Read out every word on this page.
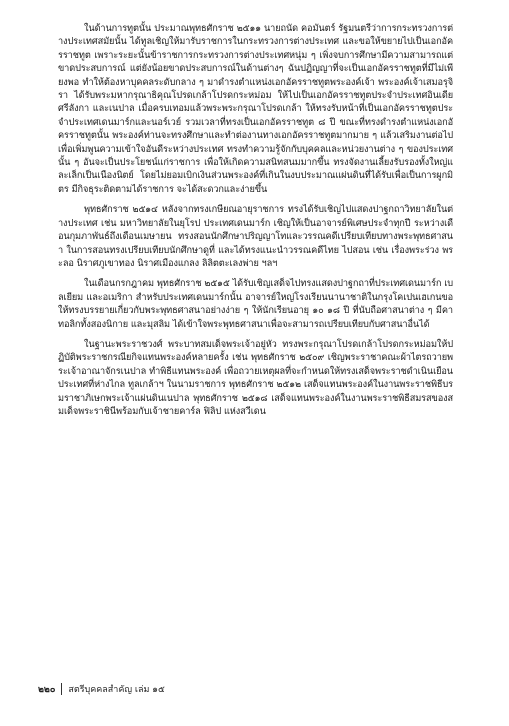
ในด้านการทูตนั้น ประมาณพุทธศักราช ๒๕๑๑ นายถนัด คอมันตร์ รัฐมนตรีว่าการกระทรวงการต่างประเทศสมัยนั้น ได้ทูลเชิญให้มารับราชการในกระทรวงการต่างประเทศ และขอให้ขยายไปเป็นเอกอัครราชทูต เพราะระยะนั้นข้าราชการกระทรวงการต่างประเทศหนุ่ม ๆ เพิ่งจบการศึกษามีความสามารถแต่ขาดประสบการณ์ แต่ยังน้อยขาดประสบการณ์ในด้านต่างๆ ฉันปฏิญญาที่จะเป็นเอกอัครราชทูตที่มีไม่เพียงพอ ทำให้ต้องหาบุคคลระดับกลาง ๆ มาดำรงตำแหน่งเอกอัครราชทูตพระองค์เจ้า พระองค์เจ้าเสมอรุจิรา ได้รับพระมหากรุณาธิคุณโปรดเกล้าโปรดกระหม่อม ให้ไปเป็นเอกอัครราชทูตประจำประเทศอินเดีย ศรีลังกา และเนปาล เมื่อครบเทอมแล้วพระพระกรุณาโปรดเกล้า ให้ทรงรับหน้าที่เป็นเอกอัครราชทูตประจำประเทศเดนมาร์กและนอร์เวย์ รวมเวลาที่ทรงเป็นเอกอัครราชทูต ๘ ปี ขณะที่ทรงดำรงตำแหน่งเอกอัครราชทูตนั้น พระองค์ท่านจะทรงศึกษาและทำต่องานทางเอกอัครราชทูตมากมาย ๆ แล้วเสริมงานต่อไปเพื่อเพิ่มพูนความเข้าใจอันดีระหว่างประเทศ ทรงทำความรู้จักกับบุคคลและหน่วยงานต่าง ๆ ของประเทศนั้น ๆ อันจะเป็นประโยชน์แก่ราชการ เพื่อให้เกิดความสนิทสนมมากขึ้น ทรงจัดงานเลี้ยงรับรองทั้งใหญ่และเล็กเป็นเนืองนิตย์ โดยไม่ยอมเบิกเงินส่วนพระองค์ที่เกินในงบประมาณแผ่นดินที่ได้รับเพื่อเป็นการผูกมิตร มีกิจธุระติดตามได้ราชการ จะได้สะดวกและง่ายขึ้น

พุทธศักราช ๒๕๑๔ หลังจากทรงเกษียณอายุราชการ ทรงได้รับเชิญไปแสดงปาฐกถาวิทยาลัยในต่างประเทศ เช่น มหาวิทยาลัยในยุโรป ประเทศเดนมาร์ก เชิญให้เป็นอาจารย์พิเศษประจำทุกปี ระหว่างเดือนกุมภาพันธ์ถึงเดือนเมษายน ทรงสอนนักศึกษาปริญญาโทและวรรณคดีเปรียบเทียบทางพระพุทธศาสนา ในการสอนทรงเปรียบเทียบนักศึกษาดูที่ และได้ทรงแนะนำวรรณคดีไทย ไปสอน เช่น เรื่องพระร่วง พระลอ นิราศภูเขาทอง นิราศเมืองแกลง ลิลิตตะเลงพ่าย ฯลฯ

ในเดือนกรกฎาคม พุทธศักราช ๒๕๑๕ ได้รับเชิญเสด็จไปทรงแสดงปาฐกถาที่ประเทศเดนมาร์ก เบลเยียม และอเมริกา สำหรับประเทศเดนมาร์กนั้น อาจารย์ใหญ่โรงเรียนนานาชาติในกรุงโคเปนเฮเกนขอให้ทรงบรรยายเกี่ยวกับพระพุทธศาสนาอย่างง่าย ๆ ให้นักเรียนอายุ ๑๐ ๑๘ ปี ที่นับถือศาสนาต่าง ๆ มีคาทอลิกทั้งสองนิกาย และมุสลิม ได้เข้าใจพระพุทธศาสนาเพื่อจะสามารถเปรียบเทียบกับศาสนาอื่นได้

ในฐานะพระราชวงศ์ พระบาทสมเด็จพระเจ้าอยู่หัว ทรงพระกรุณาโปรดเกล้าโปรดกระหม่อมให้ปฏิบัติพระราชกรณียกิจแทนพระองค์หลายครั้ง เช่น พุทธศักราช ๒๕๐๙ เชิญพระราชาคณะผ้าไตรถวายพระเจ้าอาณาจักรเนปาล ทำพิธีแทนพระองค์ เพื่อถวายเหตุผลที่จะกำหนดให้ทรงเสด็จพระราชดำเนินเยือนประเทศที่ห่างไกล ทูลเกล้าฯ ในนามราชการ พุทธศักราช ๒๕๑๒ เสด็จแทนพระองค์ในงานพระราชพิธีบรมราชาภิเษกพระเจ้าแผ่นดินเนปาล พุทธศักราช ๒๕๑๘ เสด็จแทนพระองค์ในงานพระราชพิธีสมรสของสมเด็จพระราชินีพร้อมกับเจ้าชายคาร์ล ฟิลิป แห่งสวีเดน

๒๒๐ สตรีบุคคลสำคัญ เล่ม ๑๕
